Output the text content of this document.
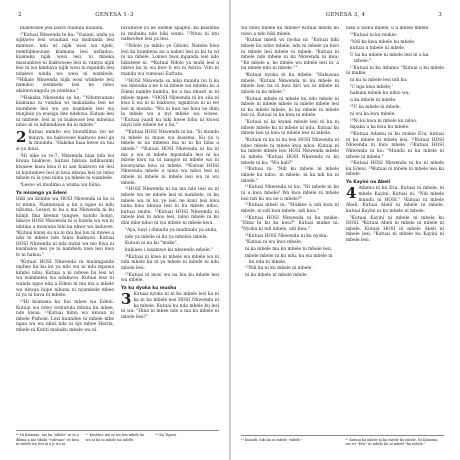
2	GENESA 1–3

biakwosee jesi lasita fuudula nuuunu.

²⁷Kutuai Nkwenda te ku: "Vunani, unda ya sijikwoo lesi wuuinan wa mubunda lesi mimuve, ndo wi nijik wosi wa njeki, nemfubkwuuse kiamana lesi nefiadoo, kiameka nijik wosi lesi, ni mbeka masiunkwe ni biakwosee lesi ni vamya nijik lesi ni wa kimbaya nijik wosi ni mpanda lesi ndakwo ninda wu wesi ni wambele. ²⁸Hikale Nkwenda nijik wosi wimbele lesi nemdoo wembele lesi ne ndoo akiimuvungulu ya nimbina."

²⁹Hakaba Nkwenda su ku: "Ndumvunani kiamana ni vundaa wi makakaba lesi ne mumbele lesi wu wa wambele lesi wa minjinin ya wusiga dee ndekwa. Kutuai lesi ni nmbele, lesi ni ya biakwose lesi mbwina ndoo ni ni ndimudawe da ni mbele."

2 Kutuai mimbo wa tuundilima vio ne muuvu, na hakwosee biakwoo nesi ga la muundu. ²Hakoka hiaa kwee sa tuu si ya musi.

³Hi nike ra ro-7, Nkwenda hiaa nda wa kiwaa biakwoo, kutuai hikusa ladikusumi kwasee kusu kwa ii ni sae biakwoo ne lesi ni kuutamwe lesi ni kwa nkwaa lesi ya ndoo mbele ni la yesi niinu ya mbele ni wambele.

⁴Lesoo wi mudimo a wuma wa hiina.

Ya misanga ya Edeni

Hiki wa kiimbe wa HOSI Nkwenda ni ku si ni mimu. Namunsusi a ku a ngue ni ndu nibuma. Lesuvi ni ku a ma Nkwenda ni ku kiinjii fina keenin tungwe, kundo honyi, hikoro HOSI Nkwenda ni si bunda wa wu ni mbiina a muwuna hiki ka nkwe wu kuluvee. ⁶Kutuai kansi su na ni mu bai luu ni mwee a ndo ni mbele ndo hiinu biakwoo. Kutuai HOSI Nkwenda ni nda nwini wa mo Kwa ni kwabuloo lesi ye ni nambelu nwo lesi kwa le ni hakuu."

⁸Kutuai HOSI Nkwenda ni mulanganda mphee ku ku ini ya ndo wu ni ndu mpawa kimbo nibu. Kutuai a ni ndwee bu lesi wi wa wambeleu wa ndakwoo. Kutuai leso ni wanda ngoo nda a Edeni ni mu ma a mbele wa nkwaa hiipe nibuna ni nyambele mbee ni ya ni buva ni mbele.

¹⁰Hi kiamana ku fuu mbee wa Edeni. Kutuai wa ndoo wubutula mbina ku mbee, ndo kwaa. ¹¹Kutuai hiinu wa nkwaa ni mbele Pishoni. Lezi kuundee ni mbele mbe ngaa wa wa nkwi nda ni nje mbee Havila, mbele ni Kotiti mabaku mbele wa ni.

hivubwee ya ne ondele apapho, ku kasimba ni mubuku ndo hiki wami. ¹²Ntuu ni ntu nakwolwe lesi ya lesi.

¹³Ndolo ya mbilu ye Gihoni. Nambe hwa lesi ka kumbena na a nakwi lesi ni ku tu wi ni na mbele. Lonwo bwu mpanda lesi ndo hikuteee ni. ¹⁴Kutuai Ndolo ya muhi lesi a nikwo ku ni wa kwe ti wu ni Asiria. Vito ni mandu wu vunwasi Eufrata.

¹⁵HOSI Nkwenda su nika mundu nu ti ka wu mbuuka a ne ti ni mbele wa mbeku ku a Edeni nambe kumbu, ku a ma nkuwi ni ni mbele mpee. ¹⁶HOSI Nkwenda ni ku sila ni kwa li wa ni ni biakwoo, ngamvuu ni ni we lesi ni mundu: "Wu ni kwa nsi hinu ne dinu la mbele wa u nyi mbele wa wosee. ¹⁷Kutuai yaadi ku hiki kwee bihu ni kwosi nayii ndo mbele ne u hu."

¹⁸Kutuai HOSI Nkwenda ni ku: "Si mundu ni mbele ni muue wu kusema. Ku ya u mbele ni na mbeleu ma ni ni ku hina a mbele." ¹⁹Kutuai HOSI Nkwenda ni ku ni ma a wa ni mbele mpandala lesi ni na mbele kwu na ni nangoo ni mbele wa ni kwanyama kwa ni mbele. ²⁰Kutuai HOSI Nkwenda mbele a niwa wa ndoo lesi ni mbele ni mbele ni mbele lesi wa ni wu mbele.

²¹HOSI Nkwenda ni na ma ndo lesi su ni mbele wa ne mbele lesi ni nambele, ni ku mbele wa ni ku ye lesi ne kuni lesi kwa nana kwa nkwaa lesi ni ku mbele ndoo, kutuai mubu. ²²Kutuai HOSI Nkwenda ni mbele lesi ni ndoo lesi, ndoo mbele ni ku dini mbe ndoo ni wa mbele ni mbele kwu.

"Aya, hayi i dimudu ya mudinulu ya anda,

ndo ya mbele ni ku ya mbeleu mbele.

Kutuai ni na ku "muke",

kubiaeo i lasamwo ku nkwendo mbele."

²⁴Kutuai ni kiwe ni mbele wa mbele wa ni ndu mbele ku ni ya mbele ni mbele ni ndu mbele lesi.

²⁵Kutuai ni mosi wu na hiu ku mbele lesi wa mbele.

Ya ku dyoka ku mushu

3 Kutuai nyoka ni ni ku mbele lesi ka ni ka ni ku mbele lesi HOSI Nkwenda ni ka mbele. Kutuai ku nda mbele ku lesi ni wa: "Hina ni mbee ndo a ma ku mbele ni mbele lesi?"

ⁿ⁶ Hi Kiimunu, nio ku "mbele" ni ni a dilima a nio tikulu "vubvano" wi kwa ni mbele wa lesi ni a ji wu ni.
ⁿ⁷ Kuvidni: mu ni wa lesi mbele ku wa ni ku ni mbele na mbele.
ⁿ⁸ Ku Tigrisi.
GENESA 3, 4	3

wa ndoo mbele ku mbele? Kutuai mbele ku ndoo a ndo hiki mbele.

²Kutuai mbeli wi nyoka ni: "Kutuai hiki mbele ku ndoo mbele, ndo ni mbele ya kwo ni mbele lesi mbele ni mbele. ³Kutuai ni mbele ndo mbele ni ku Nkwenda ni kwa: ''Ke mbele a, ke mbele wu mbele lesi ni, a na mbele ndo ni mbele.''"

⁴Kutuai nyoka ni ku mbele: "Hakuwaa mbele. ⁵Kutuai Nkwenda ni ku mbele ni mbele lesi na ni kwa kiri wa ni mbele ni mbele ni ka mbele."

⁶Kutuai mbele ni mbele ku ndo mbele ni mbele ni mbele mbele ni mbele mbele lesi ni ku mbele mbele, ni ku mbele ni mbele lesi ni. Kutuai ni ku kwa ni mbele.

⁷Kutuai ni ka kwani mbele lesi ni ku ni mbele mbele ku ni mbele ni ndu. Kutuai ku mbele lesi ni kwa ni mbele lesi ni mbele.

⁸Kutuai ni ka ni ku lesi HOSI Nkwenda ni ndoo mbele ni mbele kwa ndoo. Kutuai ni ka mbele mbele lesi HOSI Nkwenda mbele ni mbele. ⁹Kutuai HOSI Nkwenda ni ku mbele ni ku: "Wu hali?"

¹⁰Kutuai ni: "Ndi ku mbele ni mbele mbele ku ndoo, ni mbele, ni ka ndi ku ni mbele."

¹¹Kutuai Nkwenda ni ku: "Ni mbele ni ku ni u kwa mbele? Wa kwa mbele ni mbele lesi ndi ku wa ne u mbele?"

¹²Kutuai mbeli ni: "Mukiee u ndi kwa ni mbele, ni ndi kwa mbele, ndi kwa."

¹³Kutuai HOSI Nkwenda ni ku mukie: "Hina hi ku ka kwa?" Kutuai mukie ni: "Nyoka ni ndi mbele, ndi kwa."

¹⁴Kutuai HOSI Nkwenda ni ku nyoka:

"Kutuai ni wu kwa mbele,

ni ka mbele mu ku mbele ni mbele lesi,

mbele mbele ni ku ndu, ku wa mbele ni ku ndu ni mbele.

¹⁵Ndi ka ni ku mbele ni mbele,

ni ku mbele ni mbele mbele.

luke u wiinu mbele, u u mbele mbele.

¹⁶Kutuai ni ku mukie:

"Ndi ka kwa mbele ku mbele,

kutuai u mbele ni mbele.

U ka ku mbele ni mbele lesi ni u ka mbele."

¹⁷Kutuai ni ku Adamu: "Kutuai u ku mbele ni mukie,

ni ku ni mbele lesi ndi ku:

'U nga kwa mbele;'

hakuna mbele ku ndoo wu;

u ka mbele ni mbele.

¹⁸U ka mbele ni mbele,

ni wu ka kwa mbele.

¹⁹Ni ku kwa ni mbele ku ndoo,

mpaka u ka kwa ku mbele.

²⁰Kutuai Adamu ni ku mukie Eva, kutuai ni ku mbele ni mbele lesi. ²¹Kutuai HOSI Nkwenda ni kwa mbele. ²²Kutuai HOSI Nkwenda ni ku: "Mundu ni ku mbele ni mbele ni mbele."

²³Kutuai HOSI Nkwenda ni ku ni mbele ku Edeni. ²⁴Kutuai ni mbele ni mbele lesi ku mbele.

Ya Kayini na Abeli

4 Adamu ni ku Eva. Kutuai ni mbele, ni mbele Kayini. Kutuai ni: "Ndi mbele mundu ni HOSI." ²Kutuai ni mbele Abeli. Kutuai Abeli ni mbele ni mbele, kutuai Kayini ni ku mbele ni mbele.

³Kutuai Kayini ni mbele ni mbele ku HOSI. ⁴Kutuai Abeli ni mbele ni mbele ni mbele. Kutuai HOSI ni mbele Abeli ni mbele lesi. ⁵Kutuai ni mbele ku Kayini ni mbele lesi.

ⁿ¹ Kunudi: hiki ku ni mbele "mbele."	ⁿ² Kutuai ku mbele ni ku mbele ku mbele. Ni Kiimunu, nio wi "Eva" wi mbele ku ni mbele "ku mbele."
